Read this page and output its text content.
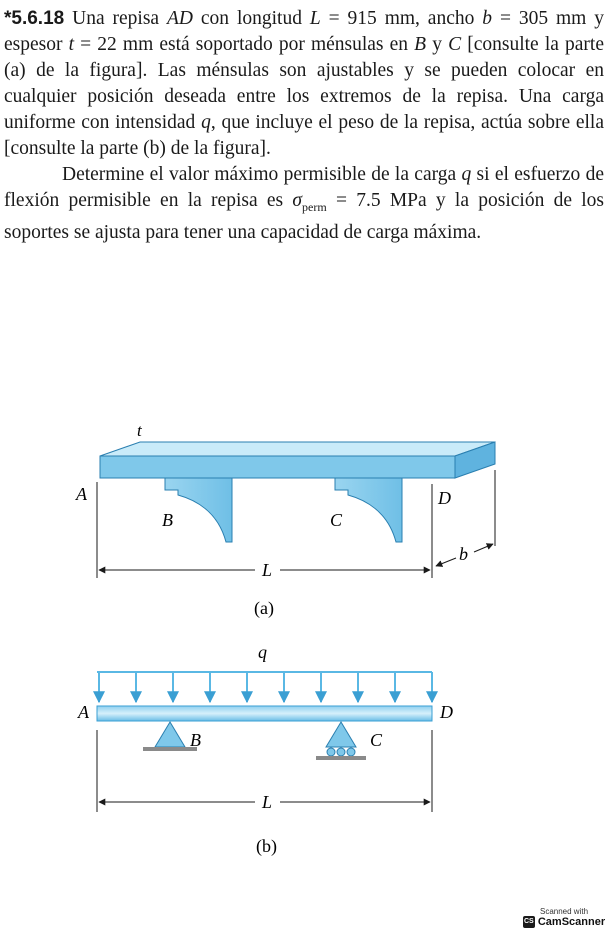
*5.6.18 Una repisa AD con longitud L = 915 mm, ancho b = 305 mm y espesor t = 22 mm está soportado por ménsulas en B y C [consulte la parte (a) de la figura]. Las ménsulas son ajustables y se pueden colocar en cualquier posición deseada entre los extremos de la repisa. Una carga uniforme con intensidad q, que incluye el peso de la repisa, actúa sobre ella [consulte la parte (b) de la figura].

Determine el valor máximo permisible de la carga q si el esfuerzo de flexión permisible en la repisa es $\sigma_{perm} = 7.5$ MPa y la posición de los soportes se ajusta para tener una capacidad de carga máxima.

t
A
B	C
D
L
b
(a)
q
A	D
B	C
L
(b)
Scanned with
CS CamScanner
